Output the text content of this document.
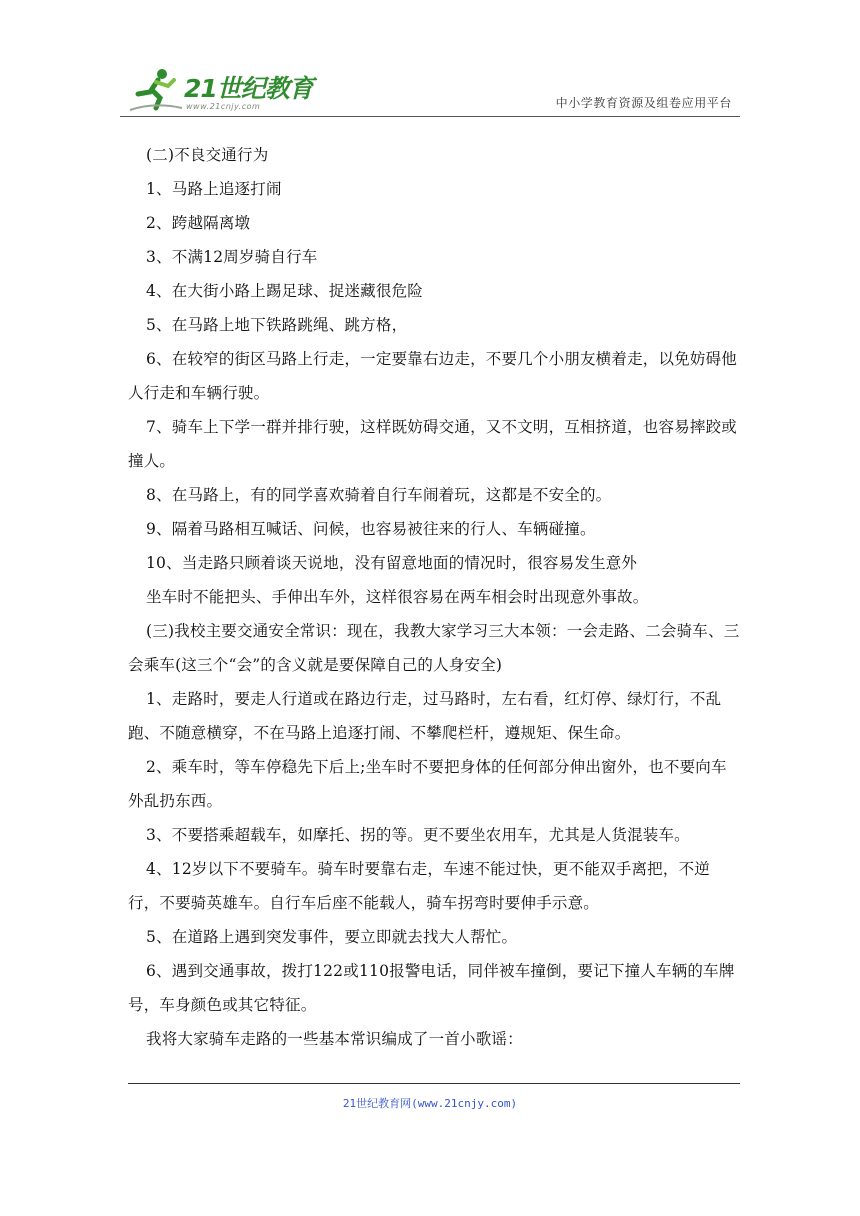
21世纪教育
www.21cnjy.com	中小学教育资源及组卷应用平台

(二)不良交通行为

1、马路上追逐打闹

2、跨越隔离墩

3、不满12周岁骑自行车

4、在大街小路上踢足球、捉迷藏很危险

5、在马路上地下铁路跳绳、跳方格，

6、在较窄的街区马路上行走，一定要靠右边走，不要几个小朋友横着走，以免妨碍他人行走和车辆行驶。

7、骑车上下学一群并排行驶，这样既妨碍交通，又不文明，互相挤道，也容易摔跤或撞人。

8、在马路上，有的同学喜欢骑着自行车闹着玩，这都是不安全的。

9、隔着马路相互喊话、问候，也容易被往来的行人、车辆碰撞。

10、当走路只顾着谈天说地，没有留意地面的情况时，很容易发生意外

坐车时不能把头、手伸出车外，这样很容易在两车相会时出现意外事故。

(三)我校主要交通安全常识：现在，我教大家学习三大本领：一会走路、二会骑车、三会乘车(这三个“会”的含义就是要保障自己的人身安全)

1、走路时，要走人行道或在路边行走，过马路时，左右看，红灯停、绿灯行，不乱跑、不随意横穿，不在马路上追逐打闹、不攀爬栏杆，遵规矩、保生命。

2、乘车时，等车停稳先下后上;坐车时不要把身体的任何部分伸出窗外，也不要向车外乱扔东西。

3、不要搭乘超载车，如摩托、拐的等。更不要坐农用车，尤其是人货混装车。

4、12岁以下不要骑车。骑车时要靠右走，车速不能过快，更不能双手离把，不逆行，不要骑英雄车。自行车后座不能载人，骑车拐弯时要伸手示意。

5、在道路上遇到突发事件，要立即就去找大人帮忙。

6、遇到交通事故，拨打122或110报警电话，同伴被车撞倒，要记下撞人车辆的车牌号，车身颜色或其它特征。

我将大家骑车走路的一些基本常识编成了一首小歌谣：

21世纪教育网(www.21cnjy.com)
